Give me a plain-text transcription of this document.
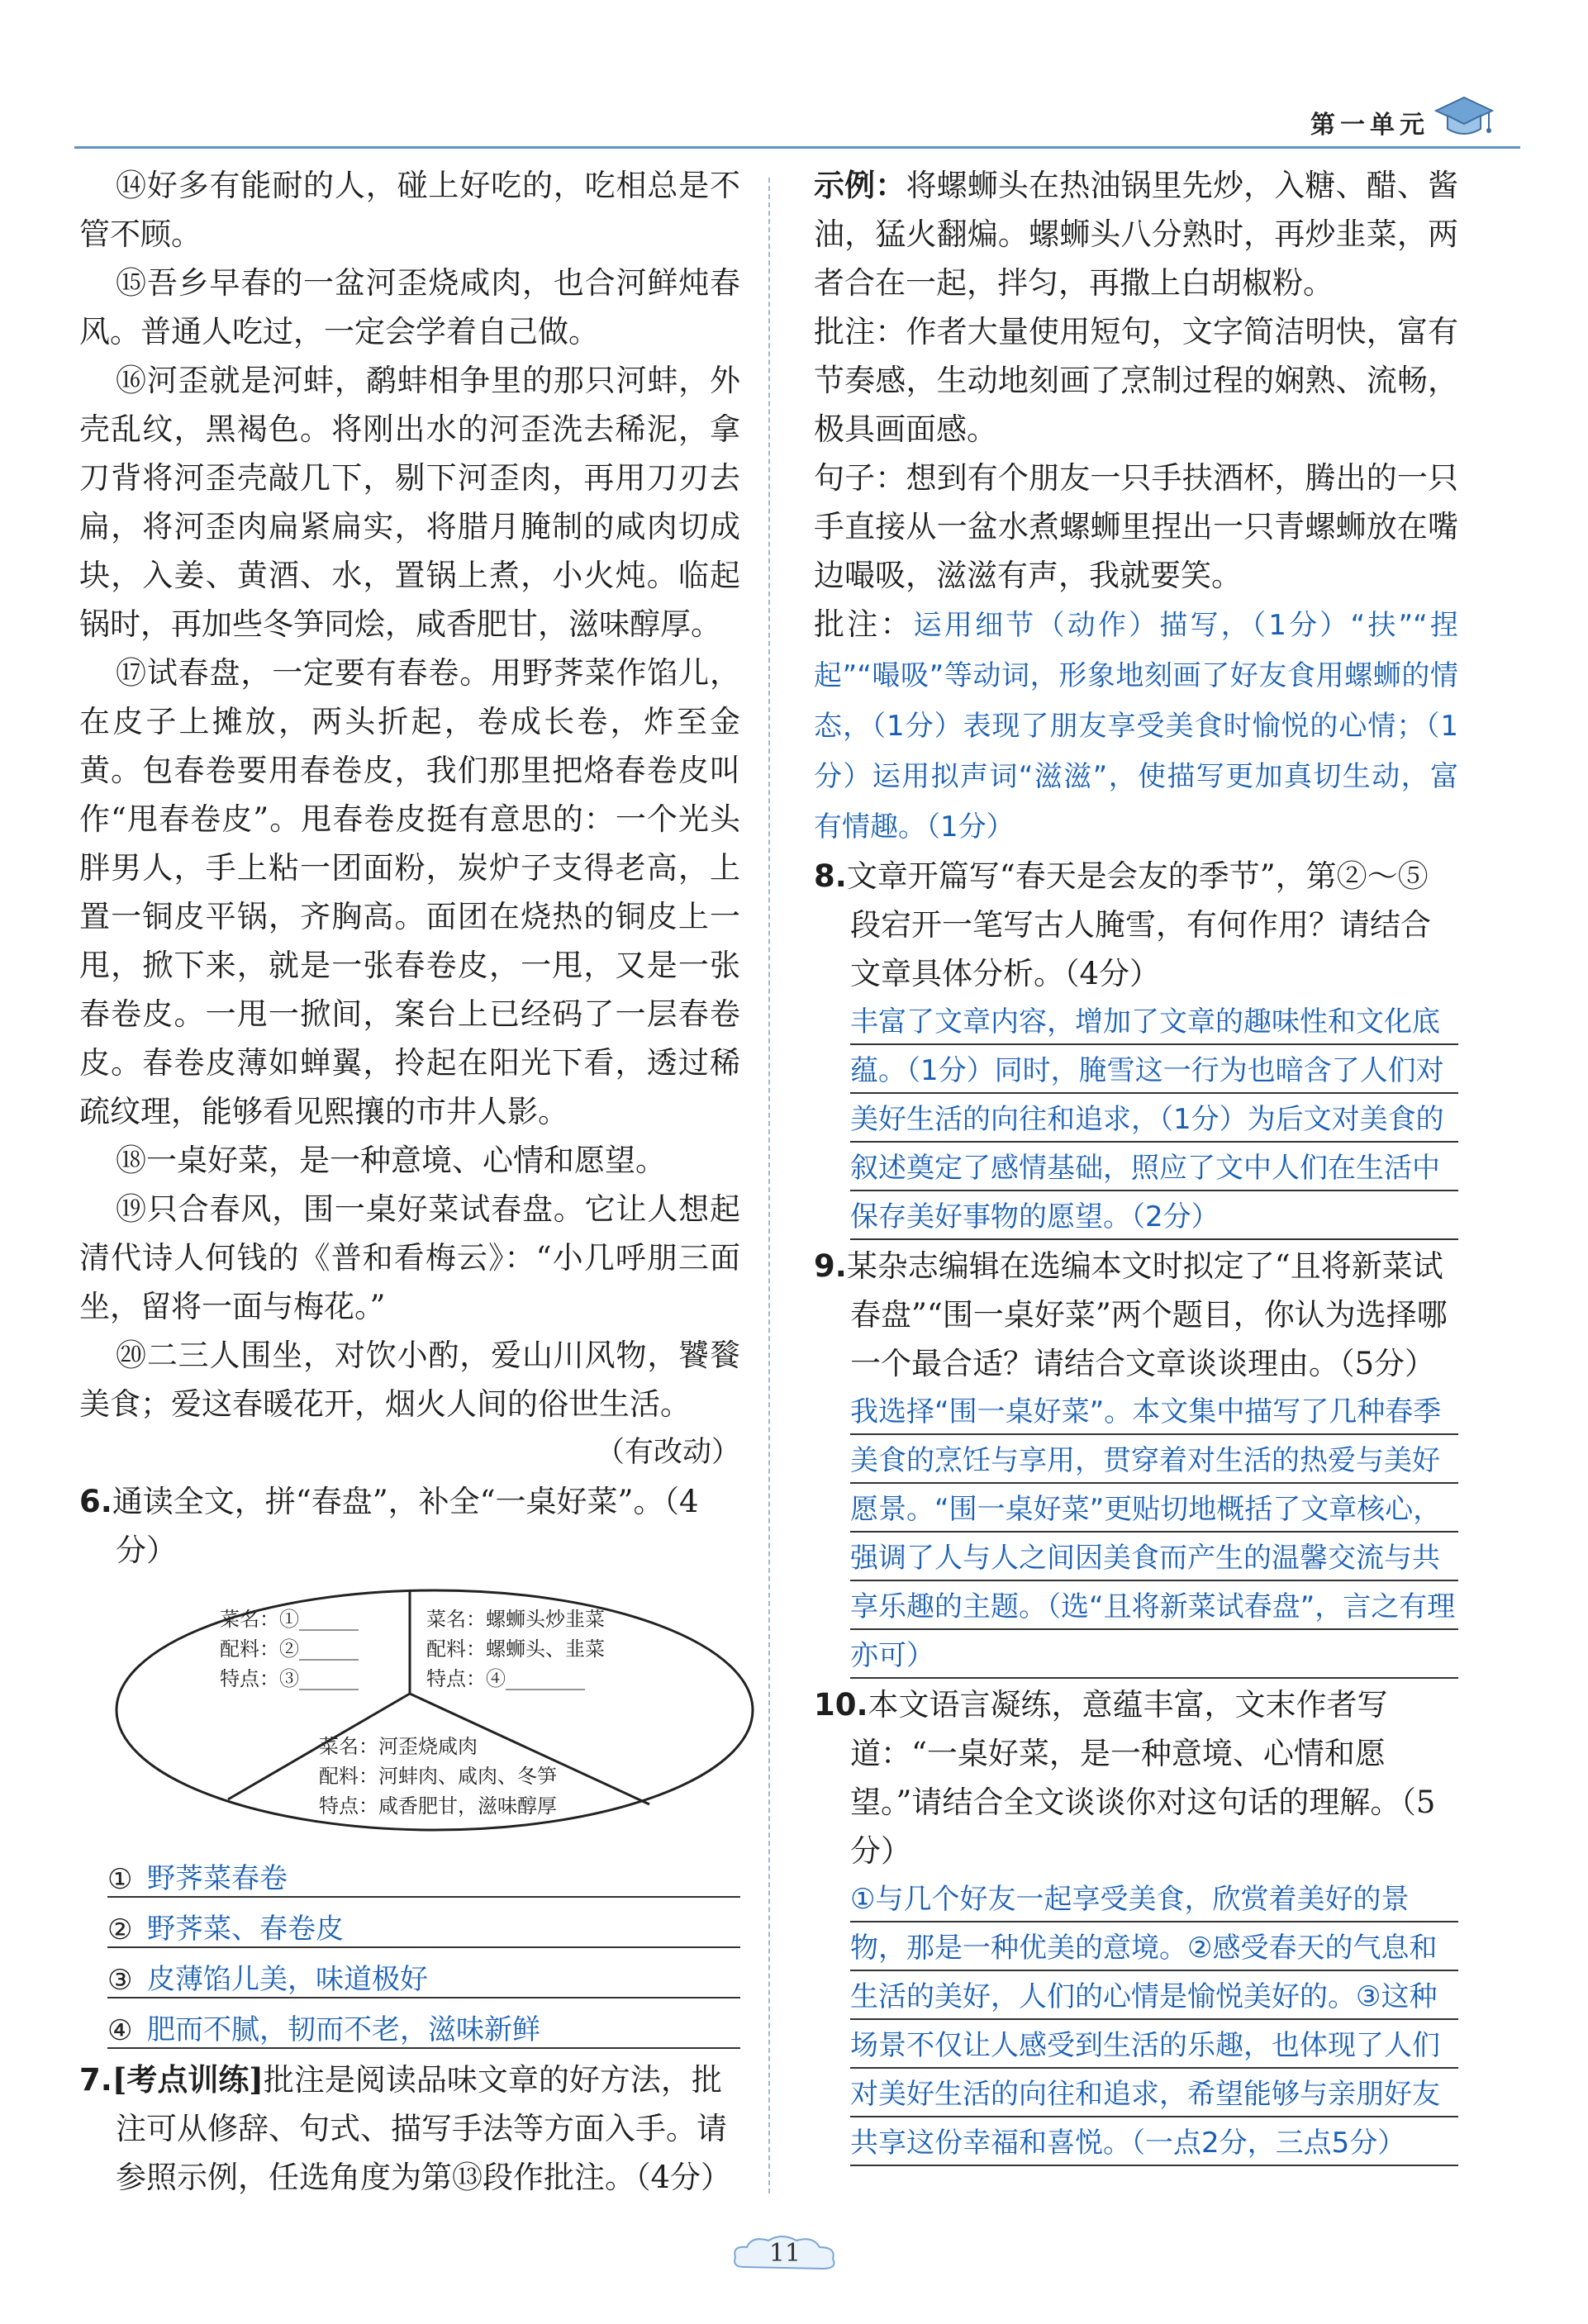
第一单元

⑭好多有能耐的人，碰上好吃的，吃相总是不管不顾。

⑮吾乡早春的一盆河歪烧咸肉，也合河鲜炖春风。普通人吃过，一定会学着自己做。

⑯河歪就是河蚌，鹬蚌相争里的那只河蚌，外壳乱纹，黑褐色。将刚出水的河歪洗去稀泥，拿刀背将河歪壳敲几下，剔下河歪肉，再用刀刃去扁，将河歪肉扁紧扁实，将腊月腌制的咸肉切成块，入姜、黄酒、水，置锅上煮，小火炖。临起锅时，再加些冬笋同烩，咸香肥甘，滋味醇厚。

⑰试春盘，一定要有春卷。用野荠菜作馅儿，在皮子上摊放，两头折起，卷成长卷，炸至金黄。包春卷要用春卷皮，我们那里把烙春卷皮叫作“甩春卷皮”。甩春卷皮挺有意思的：一个光头胖男人，手上粘一团面粉，炭炉子支得老高，上置一铜皮平锅，齐胸高。面团在烧热的铜皮上一甩，掀下来，就是一张春卷皮，一甩，又是一张春卷皮。一甩一掀间，案台上已经码了一层春卷皮。春卷皮薄如蝉翼，拎起在阳光下看，透过稀疏纹理，能够看见熙攘的市井人影。

⑱一桌好菜，是一种意境、心情和愿望。

⑲只合春风，围一桌好菜试春盘。它让人想起清代诗人何钱的《普和看梅云》：“小几呼朋三面坐，留将一面与梅花。”

⑳二三人围坐，对饮小酌，爱山川风物，饕餮美食；爱这春暖花开，烟火人间的俗世生活。

（有改动）

6.通读全文，拼“春盘”，补全“一桌好菜”。（4分）

菜名：①______
配料：②______
特点：③______
菜名：螺蛳头炒韭菜
配料：螺蛳头、韭菜
特点：④________
菜名：河歪烧咸肉
配料：河蚌肉、咸肉、冬笋
特点：咸香肥甘，滋味醇厚
① 野荠菜春卷
② 野荠菜、春卷皮
③ 皮薄馅儿美，味道极好
④ 肥而不腻，韧而不老，滋味新鲜

7.[考点训练]批注是阅读品味文章的好方法，批注可从修辞、句式、描写手法等方面入手。请参照示例，任选角度为第⑬段作批注。（4分）

示例：将螺蛳头在热油锅里先炒，入糖、醋、酱油，猛火翻煸。螺蛳头八分熟时，再炒韭菜，两者合在一起，拌匀，再撒上白胡椒粉。

批注：作者大量使用短句，文字简洁明快，富有节奏感，生动地刻画了烹制过程的娴熟、流畅，极具画面感。

句子：想到有个朋友一只手扶酒杯，腾出的一只手直接从一盆水煮螺蛳里捏出一只青螺蛳放在嘴边嘬吸，滋滋有声，我就要笑。

批注：运用细节（动作）描写，（1分）“扶”“捏起”“嘬吸”等动词，形象地刻画了好友食用螺蛳的情态，（1分）表现了朋友享受美食时愉悦的心情；（1分）运用拟声词“滋滋”，使描写更加真切生动，富有情趣。（1分）

8.文章开篇写“春天是会友的季节”，第②～⑤段宕开一笔写古人腌雪，有何作用？请结合文章具体分析。（4分）

丰富了文章内容，增加了文章的趣味性和文化底蕴。（1分）同时，腌雪这一行为也暗含了人们对美好生活的向往和追求，（1分）为后文对美食的叙述奠定了感情基础，照应了文中人们在生活中保存美好事物的愿望。（2分）

9.某杂志编辑在选编本文时拟定了“且将新菜试春盘”“围一桌好菜”两个题目，你认为选择哪一个最合适？请结合文章谈谈理由。（5分）

我选择“围一桌好菜”。本文集中描写了几种春季美食的烹饪与享用，贯穿着对生活的热爱与美好愿景。“围一桌好菜”更贴切地概括了文章核心，强调了人与人之间因美食而产生的温馨交流与共享乐趣的主题。（选“且将新菜试春盘”，言之有理亦可）

10.本文语言凝练，意蕴丰富，文末作者写道：“一桌好菜，是一种意境、心情和愿望。”请结合全文谈谈你对这句话的理解。（5分）

①与几个好友一起享受美食，欣赏着美好的景物，那是一种优美的意境。②感受春天的气息和生活的美好，人们的心情是愉悦美好的。③这种场景不仅让人感受到生活的乐趣，也体现了人们对美好生活的向往和追求，希望能够与亲朋好友共享这份幸福和喜悦。（一点2分，三点5分）

11
